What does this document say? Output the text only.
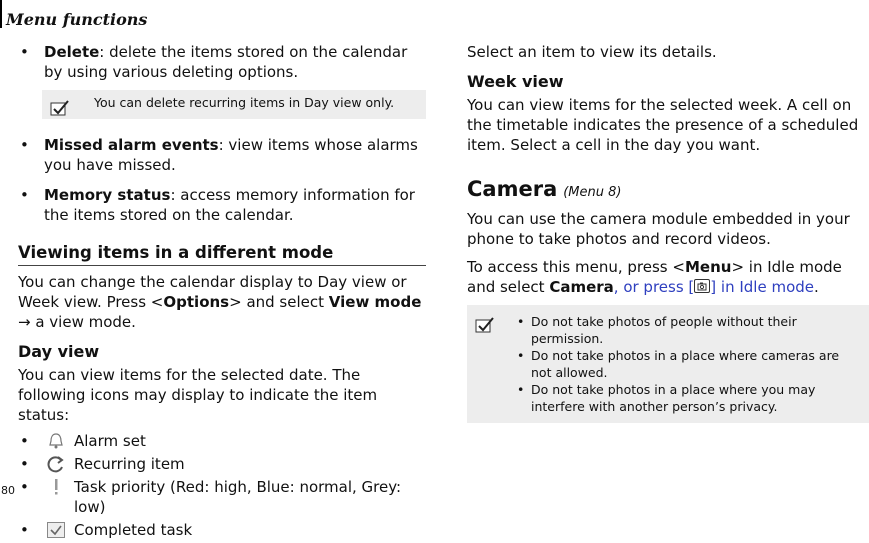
Menu functions
• Delete: delete the items stored on the calendar by using various deleting options.
You can delete recurring items in Day view only.
• Missed alarm events: view items whose alarms you have missed.
• Memory status: access memory information for the items stored on the calendar.
Viewing items in a different mode

You can change the calendar display to Day view or Week view. Press <Options> and select View mode → a view mode.

Day view

You can view items for the selected date. The following icons may display to indicate the item status:

•	Alarm set
•	Recurring item
•	Task priority (Red: high, Blue: normal, Grey: low)
•	Completed task

Select an item to view its details.

Week view

You can view items for the selected week. A cell on the timetable indicates the presence of a scheduled item. Select a cell in the day you want.

Camera (Menu 8)

You can use the camera module embedded in your phone to take photos and record videos.

To access this menu, press <Menu> in Idle mode and select Camera, or press [ ] in Idle mode.

• Do not take photos of people without their permission.
• Do not take photos in a place where cameras are not allowed.
• Do not take photos in a place where you may interfere with another person’s privacy.
80
